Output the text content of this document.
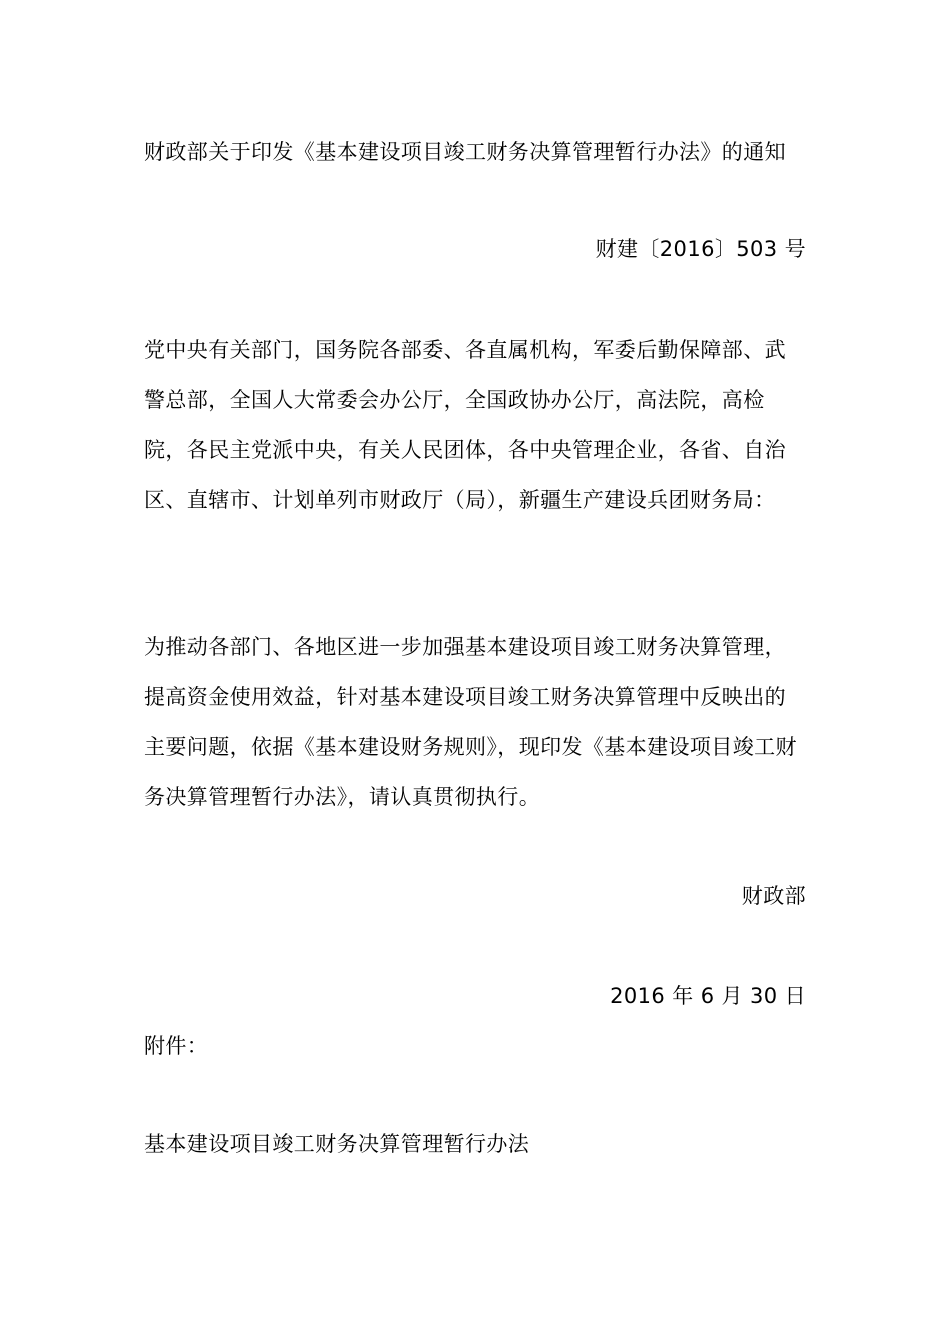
财政部关于印发《基本建设项目竣工财务决算管理暂行办法》的通知

财建〔2016〕503 号

党中央有关部门，国务院各部委、各直属机构，军委后勤保障部、武警总部，全国人大常委会办公厅，全国政协办公厅，高法院，高检院，各民主党派中央，有关人民团体，各中央管理企业，各省、自治区、直辖市、计划单列市财政厅（局），新疆生产建设兵团财务局：

为推动各部门、各地区进一步加强基本建设项目竣工财务决算管理，提高资金使用效益，针对基本建设项目竣工财务决算管理中反映出的主要问题，依据《基本建设财务规则》，现印发《基本建设项目竣工财务决算管理暂行办法》，请认真贯彻执行。

财政部

2016 年 6 月 30 日

附件：

基本建设项目竣工财务决算管理暂行办法
